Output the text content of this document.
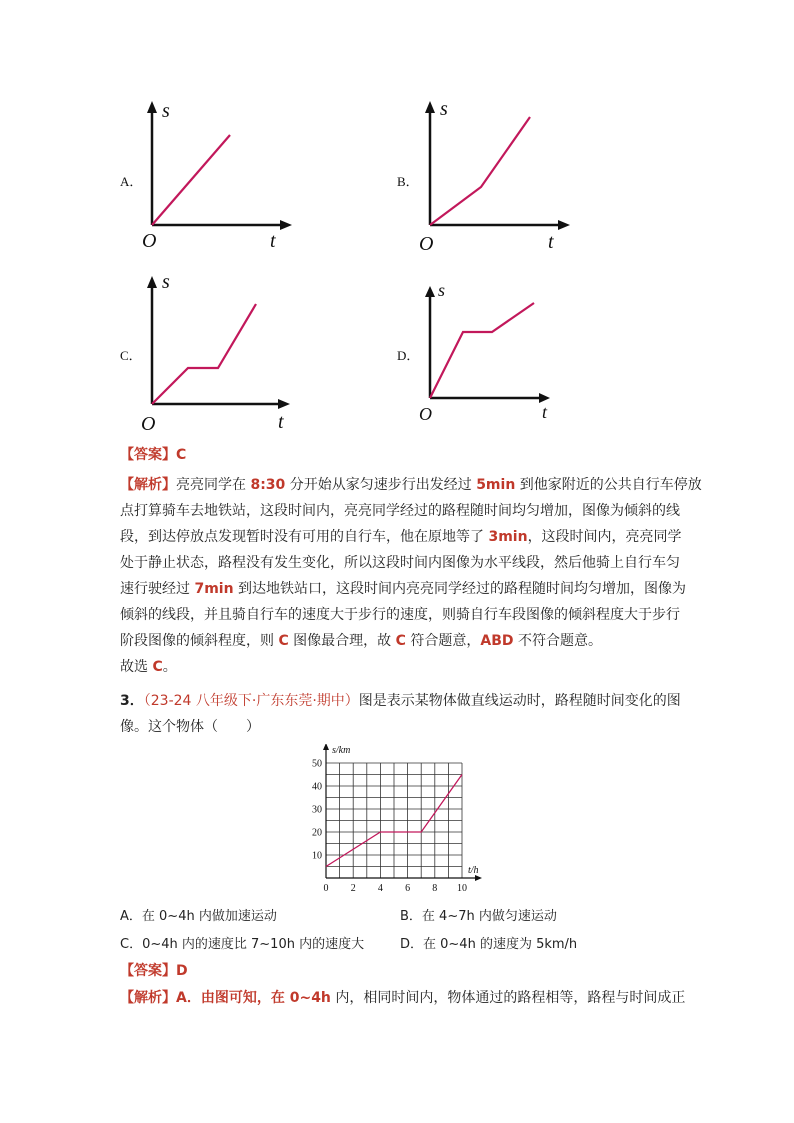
A．
s
t
O
B．
s
t
O
C．
s
t
O
D．
s
t
O
【答案】C
【解析】亮亮同学在 8:30 分开始从家匀速步行出发经过 5min 到他家附近的公共自行车停放
点打算骑车去地铁站，这段时间内，亮亮同学经过的路程随时间均匀增加，图像为倾斜的线
段，到达停放点发现暂时没有可用的自行车，他在原地等了 3min，这段时间内，亮亮同学
处于静止状态，路程没有发生变化，所以这段时间内图像为水平线段，然后他骑上自行车匀
速行驶经过 7min 到达地铁站口，这段时间内亮亮同学经过的路程随时间均匀增加，图像为
倾斜的线段，并且骑自行车的速度大于步行的速度，则骑自行车段图像的倾斜程度大于步行
阶段图像的倾斜程度，则 C 图像最合理，故 C 符合题意，ABD 不符合题意。
故选 C。
3．（23-24 八年级下·广东东莞·期中）图是表示某物体做直线运动时，路程随时间变化的图
像。这个物体（　　）
0 2 4 6 8 10
10
20
30
40
50
s/km
t/h
A．在 0~4h 内做加速运动	B．在 4~7h 内做匀速运动
C．0~4h 内的速度比 7~10h 内的速度大	D．在 0~4h 的速度为 5km/h
【答案】D
【解析】A．由图可知，在 0~4h 内，相同时间内，物体通过的路程相等，路程与时间成正
